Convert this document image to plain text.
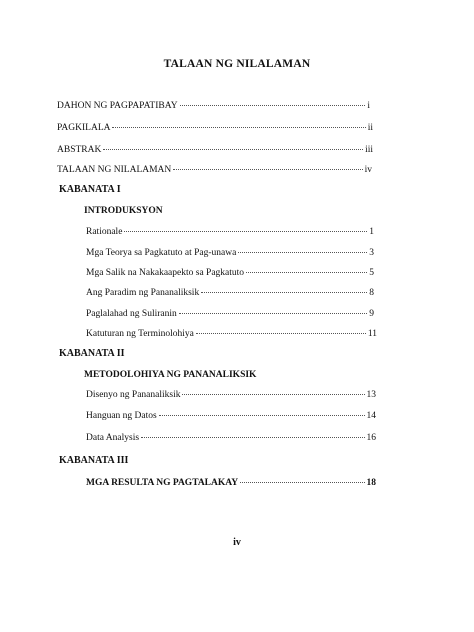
TALAAN NG NILALAMAN
DAHON NG PAGPAPATIBAY	i
PAGKILALA	ii
ABSTRAK	iii
TALAAN NG NILALAMAN	iv
KABANATA I
INTRODUKSYON
Rationale	1
Mga Teorya sa Pagkatuto at Pag-unawa	3
Mga Salik na Nakakaapekto sa Pagkatuto	5
Ang Paradim ng Pananaliksik	8
Paglalahad ng Suliranin	9
Katuturan ng Terminolohiya	11
KABANATA II
METODOLOHIYA NG PANANALIKSIK
Disenyo ng Pananaliksik	13
Hanguan ng Datos	14
Data Analysis	16
KABANATA III
MGA RESULTA NG PAGTALAKAY	18
iv
